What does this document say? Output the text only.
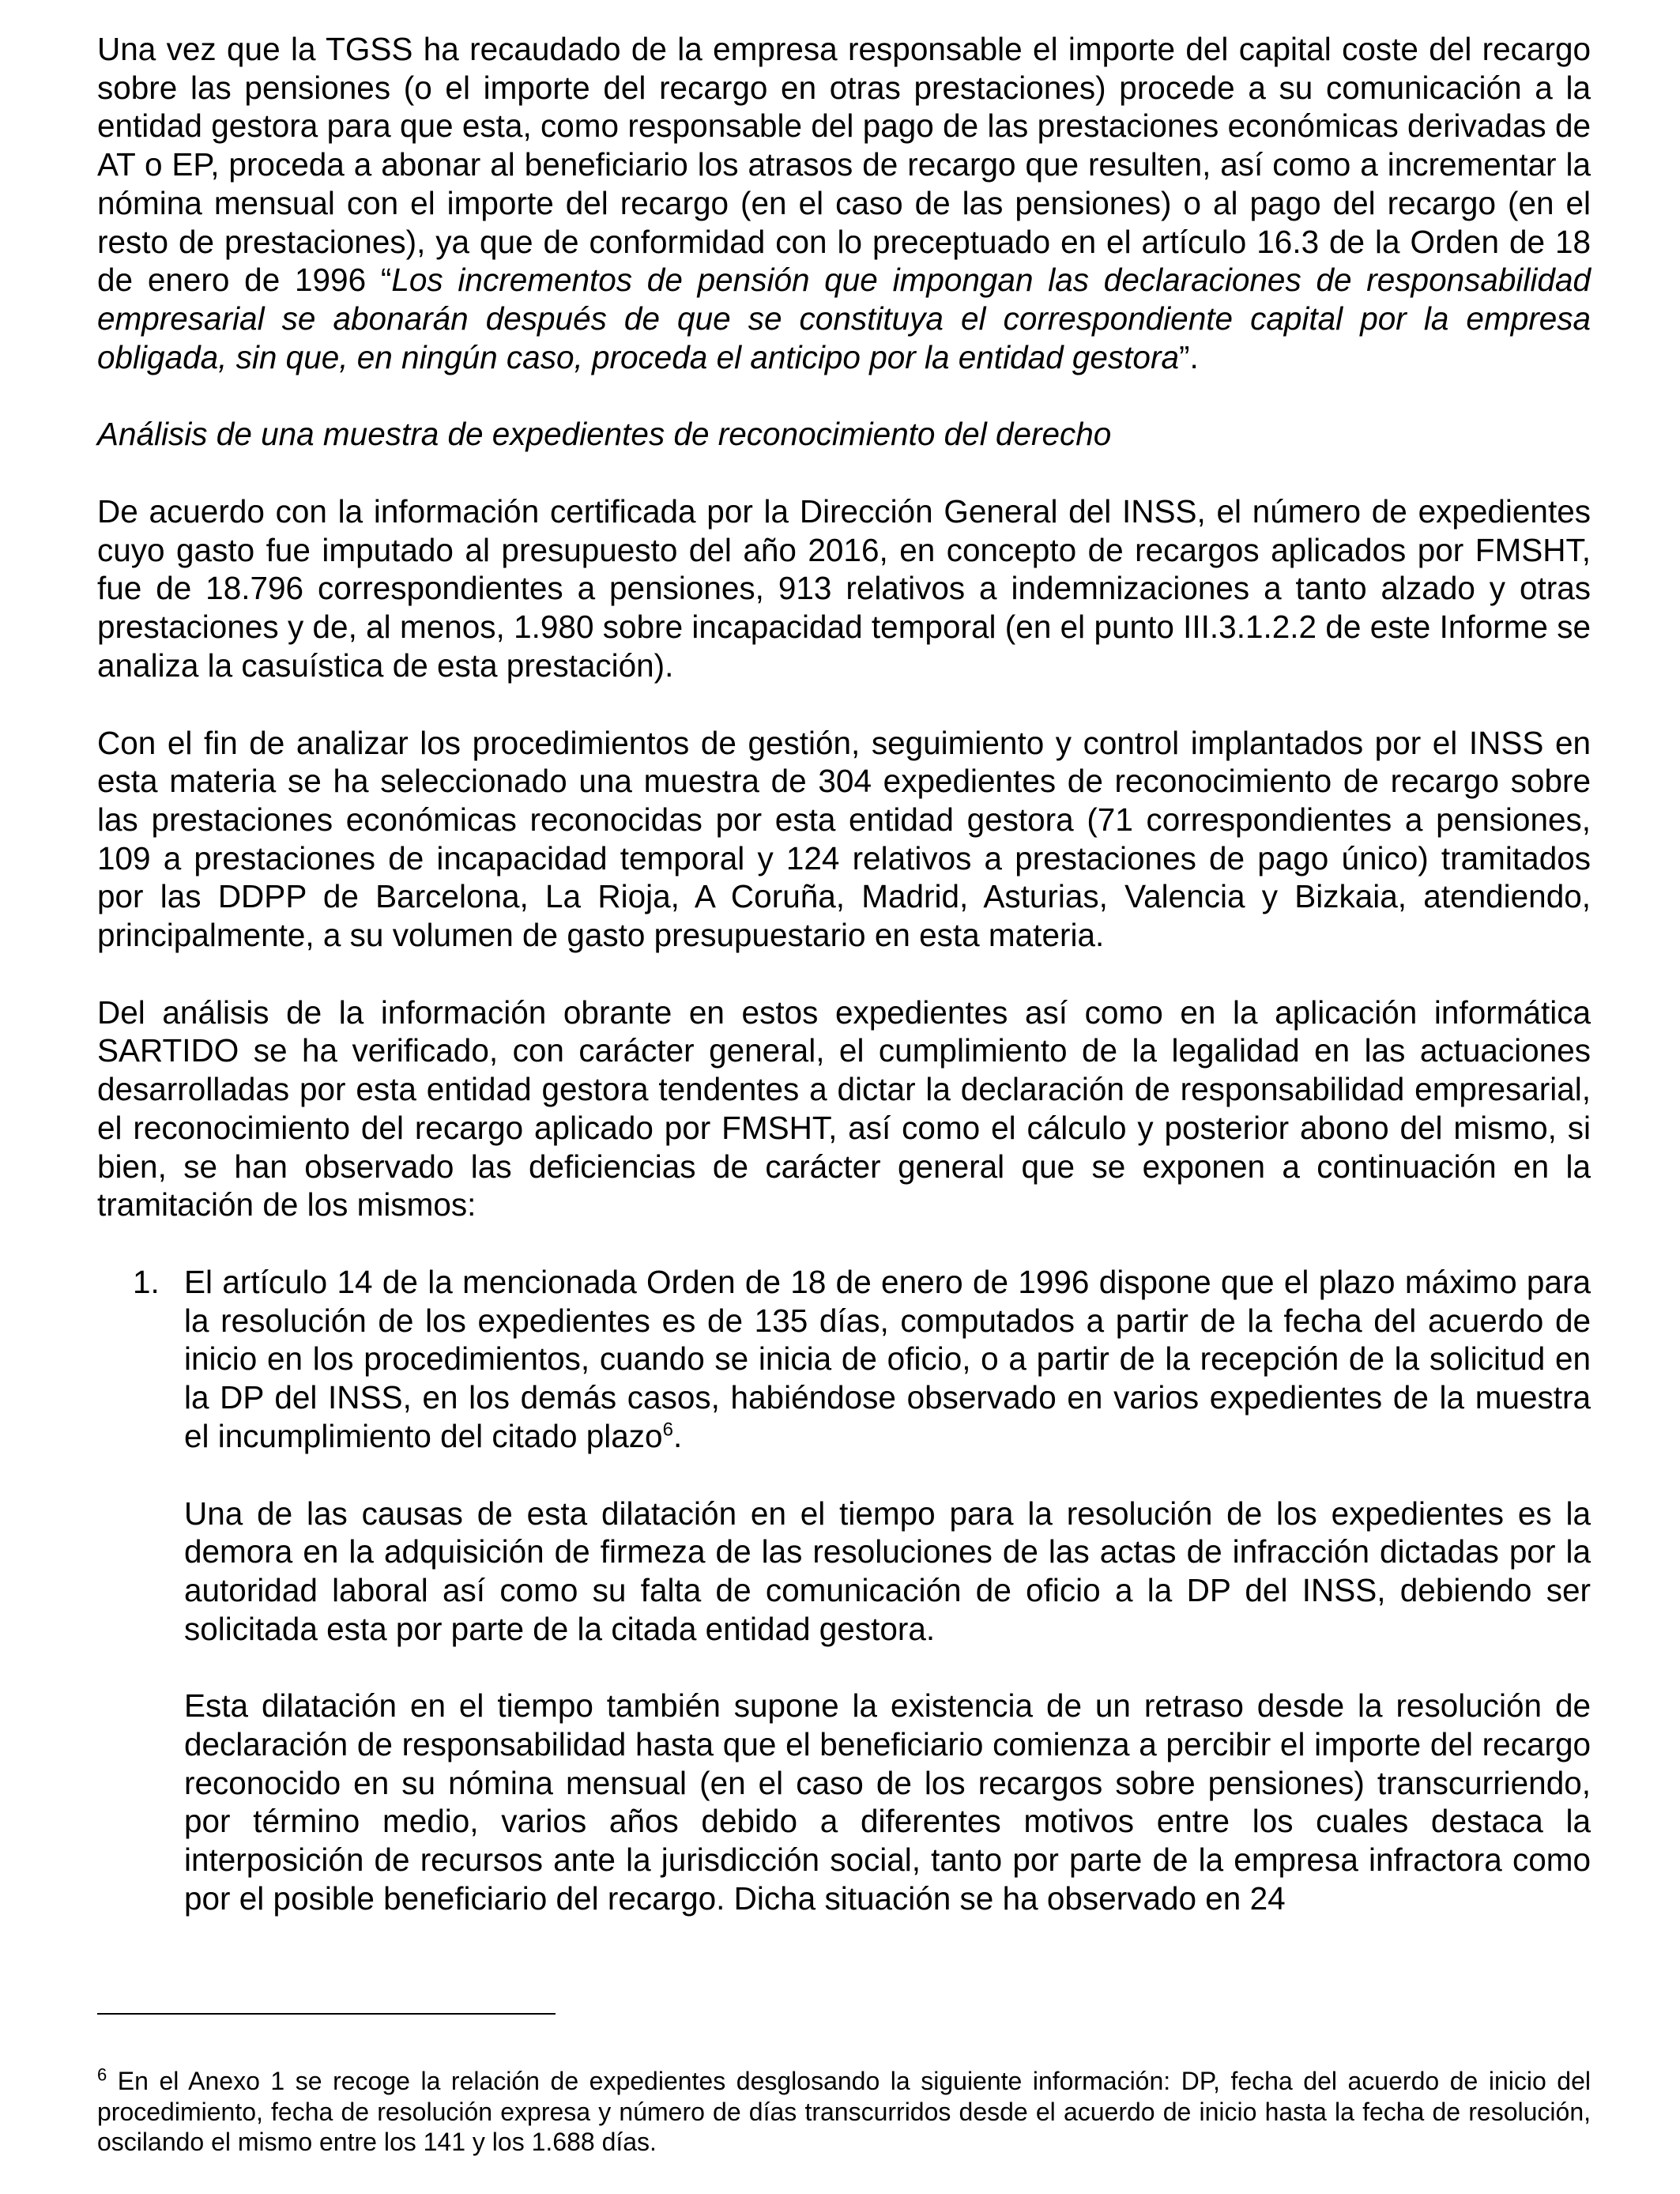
Una vez que la TGSS ha recaudado de la empresa responsable el importe del capital coste del recargo sobre las pensiones (o el importe del recargo en otras prestaciones) procede a su comunicación a la entidad gestora para que esta, como responsable del pago de las prestaciones económicas derivadas de AT o EP, proceda a abonar al beneficiario los atrasos de recargo que resulten, así como a incrementar la nómina mensual con el importe del recargo (en el caso de las pensiones) o al pago del recargo (en el resto de prestaciones), ya que de conformidad con lo preceptuado en el artículo 16.3 de la Orden de 18 de enero de 1996 “Los incrementos de pensión que impongan las declaraciones de responsabilidad empresarial se abonarán después de que se constituya el correspondiente capital por la empresa obligada, sin que, en ningún caso, proceda el anticipo por la entidad gestora”.

Análisis de una muestra de expedientes de reconocimiento del derecho

De acuerdo con la información certificada por la Dirección General del INSS, el número de expedientes cuyo gasto fue imputado al presupuesto del año 2016, en concepto de recargos aplicados por FMSHT, fue de 18.796 correspondientes a pensiones, 913 relativos a indemnizaciones a tanto alzado y otras prestaciones y de, al menos, 1.980 sobre incapacidad temporal (en el punto III.3.1.2.2 de este Informe se analiza la casuística de esta prestación).

Con el fin de analizar los procedimientos de gestión, seguimiento y control implantados por el INSS en esta materia se ha seleccionado una muestra de 304 expedientes de reconocimiento de recargo sobre las prestaciones económicas reconocidas por esta entidad gestora (71 correspondientes a pensiones, 109 a prestaciones de incapacidad temporal y 124 relativos a prestaciones de pago único) tramitados por las DDPP de Barcelona, La Rioja, A Coruña, Madrid, Asturias, Valencia y Bizkaia, atendiendo, principalmente, a su volumen de gasto presupuestario en esta materia.

Del análisis de la información obrante en estos expedientes así como en la aplicación informática SARTIDO se ha verificado, con carácter general, el cumplimiento de la legalidad en las actuaciones desarrolladas por esta entidad gestora tendentes a dictar la declaración de responsabilidad empresarial, el reconocimiento del recargo aplicado por FMSHT, así como el cálculo y posterior abono del mismo, si bien, se han observado las deficiencias de carácter general que se exponen a continuación en la tramitación de los mismos:

1. El artículo 14 de la mencionada Orden de 18 de enero de 1996 dispone que el plazo máximo para la resolución de los expedientes es de 135 días, computados a partir de la fecha del acuerdo de inicio en los procedimientos, cuando se inicia de oficio, o a partir de la recepción de la solicitud en la DP del INSS, en los demás casos, habiéndose observado en varios expedientes de la muestra el incumplimiento del citado plazo$^6$.

Una de las causas de esta dilatación en el tiempo para la resolución de los expedientes es la demora en la adquisición de firmeza de las resoluciones de las actas de infracción dictadas por la autoridad laboral así como su falta de comunicación de oficio a la DP del INSS, debiendo ser solicitada esta por parte de la citada entidad gestora.

Esta dilatación en el tiempo también supone la existencia de un retraso desde la resolución de declaración de responsabilidad hasta que el beneficiario comienza a percibir el importe del recargo reconocido en su nómina mensual (en el caso de los recargos sobre pensiones) transcurriendo, por término medio, varios años debido a diferentes motivos entre los cuales destaca la interposición de recursos ante la jurisdicción social, tanto por parte de la empresa infractora como por el posible beneficiario del recargo. Dicha situación se ha observado en 24

$^6$ En el Anexo 1 se recoge la relación de expedientes desglosando la siguiente información: DP, fecha del acuerdo de inicio del procedimiento, fecha de resolución expresa y número de días transcurridos desde el acuerdo de inicio hasta la fecha de resolución, oscilando el mismo entre los 141 y los 1.688 días.
